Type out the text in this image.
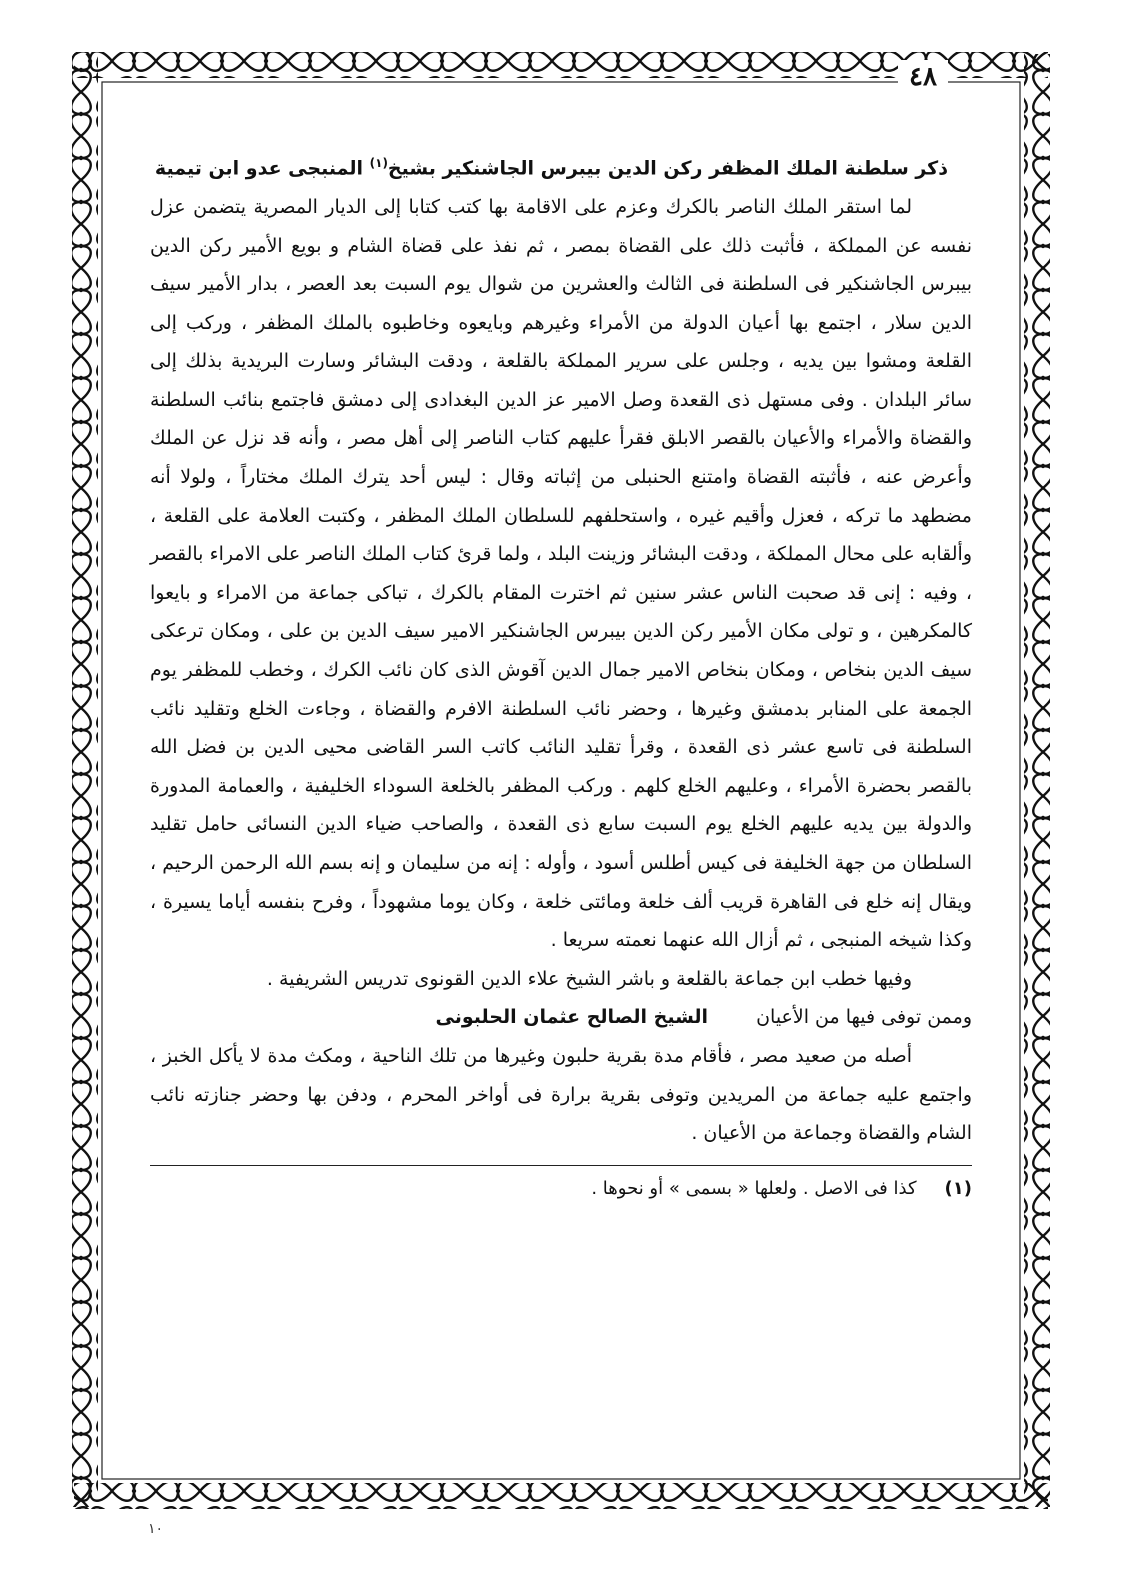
٤٨

ذكر سلطنة الملك المظفر ركن الدين بيبرس الجاشنكير بشيخ$^{(١)}$ المنبجى عدو ابن تيمية

لما استقر الملك الناصر بالكرك وعزم على الاقامة بها كتب كتابا إلى الديار المصرية يتضمن عزل نفسه عن المملكة ، فأثبت ذلك على القضاة بمصر ، ثم نفذ على قضاة الشام و بويع الأمير ركن الدين بيبرس الجاشنكير فى السلطنة فى الثالث والعشرين من شوال يوم السبت بعد العصر ، بدار الأمير سيف الدين سلار ، اجتمع بها أعيان الدولة من الأمراء وغيرهم وبايعوه وخاطبوه بالملك المظفر ، وركب إلى القلعة ومشوا بين يديه ، وجلس على سرير المملكة بالقلعة ، ودقت البشائر وسارت البريدية بذلك إلى سائر البلدان . وفى مستهل ذى القعدة وصل الامير عز الدين البغدادى إلى دمشق فاجتمع بنائب السلطنة والقضاة والأمراء والأعيان بالقصر الابلق فقرأ عليهم كتاب الناصر إلى أهل مصر ، وأنه قد نزل عن الملك وأعرض عنه ، فأثبته القضاة وامتنع الحنبلى من إثباته وقال : ليس أحد يترك الملك مختاراً ، ولولا أنه مضطهد ما تركه ، فعزل وأقيم غيره ، واستحلفهم للسلطان الملك المظفر ، وكتبت العلامة على القلعة ، وألقابه على محال المملكة ، ودقت البشائر وزينت البلد ، ولما قرئ كتاب الملك الناصر على الامراء بالقصر ، وفيه : إنى قد صحبت الناس عشر سنين ثم اخترت المقام بالكرك ، تباكى جماعة من الامراء و بايعوا كالمكرهين ، و تولى مكان الأمير ركن الدين بيبرس الجاشنكير الامير سيف الدين بن على ، ومكان ترعكى سيف الدين بنخاص ، ومكان بنخاص الامير جمال الدين آقوش الذى كان نائب الكرك ، وخطب للمظفر يوم الجمعة على المنابر بدمشق وغيرها ، وحضر نائب السلطنة الافرم والقضاة ، وجاءت الخلع وتقليد نائب السلطنة فى تاسع عشر ذى القعدة ، وقرأ تقليد النائب كاتب السر القاضى محيى الدين بن فضل الله بالقصر بحضرة الأمراء ، وعليهم الخلع كلهم . وركب المظفر بالخلعة السوداء الخليفية ، والعمامة المدورة والدولة بين يديه عليهم الخلع يوم السبت سابع ذى القعدة ، والصاحب ضياء الدين النسائى حامل تقليد السلطان من جهة الخليفة فى كيس أطلس أسود ، وأوله : إنه من سليمان و إنه بسم الله الرحمن الرحيم ، ويقال إنه خلع فى القاهرة قريب ألف خلعة ومائتى خلعة ، وكان يوما مشهوداً ، وفرح بنفسه أياما يسيرة ، وكذا شيخه المنبجى ، ثم أزال الله عنهما نعمته سريعا .

وفيها خطب ابن جماعة بالقلعة و باشر الشيخ علاء الدين القونوى تدريس الشريفية .

وممن توفى فيها من الأعيان
الشيخ الصالح عثمان الحلبونى

أصله من صعيد مصر ، فأقام مدة بقرية حلبون وغيرها من تلك الناحية ، ومكث مدة لا يأكل الخبز ، واجتمع عليه جماعة من المريدين وتوفى بقرية برارة فى أواخر المحرم ، ودفن بها وحضر جنازته نائب الشام والقضاة وجماعة من الأعيان .

(١)
كذا فى الاصل . ولعلها « بسمى » أو نحوها .
١٠
